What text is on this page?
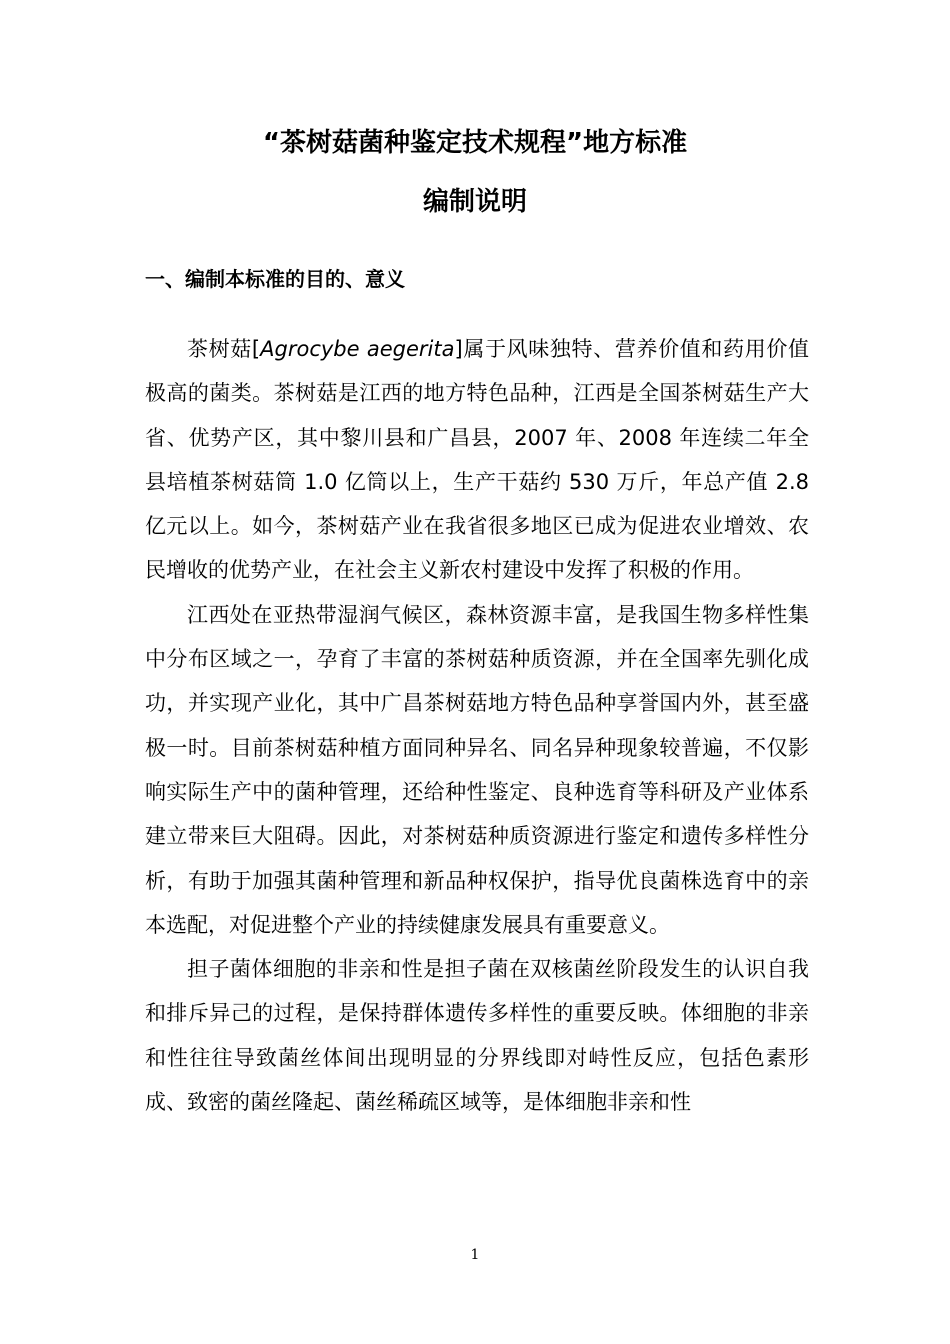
“茶树菇菌种鉴定技术规程”地方标准
编制说明
一、编制本标准的目的、意义

茶树菇[Agrocybe aegerita]属于风味独特、营养价值和药用价值极高的菌类。茶树菇是江西的地方特色品种，江西是全国茶树菇生产大省、优势产区，其中黎川县和广昌县，2007 年、2008 年连续二年全县培植茶树菇筒 1.0 亿筒以上，生产干菇约 530 万斤，年总产值 2.8 亿元以上。如今，茶树菇产业在我省很多地区已成为促进农业增效、农民增收的优势产业，在社会主义新农村建设中发挥了积极的作用。

江西处在亚热带湿润气候区，森林资源丰富，是我国生物多样性集中分布区域之一，孕育了丰富的茶树菇种质资源，并在全国率先驯化成功，并实现产业化，其中广昌茶树菇地方特色品种享誉国内外，甚至盛极一时。目前茶树菇种植方面同种异名、同名异种现象较普遍，不仅影响实际生产中的菌种管理，还给种性鉴定、良种选育等科研及产业体系建立带来巨大阻碍。因此，对茶树菇种质资源进行鉴定和遗传多样性分析，有助于加强其菌种管理和新品种权保护，指导优良菌株选育中的亲本选配，对促进整个产业的持续健康发展具有重要意义。

担子菌体细胞的非亲和性是担子菌在双核菌丝阶段发生的认识自我和排斥异己的过程，是保持群体遗传多样性的重要反映。体细胞的非亲和性往往导致菌丝体间出现明显的分界线即对峙性反应，包括色素形成、致密的菌丝隆起、菌丝稀疏区域等，是体细胞非亲和性

1
